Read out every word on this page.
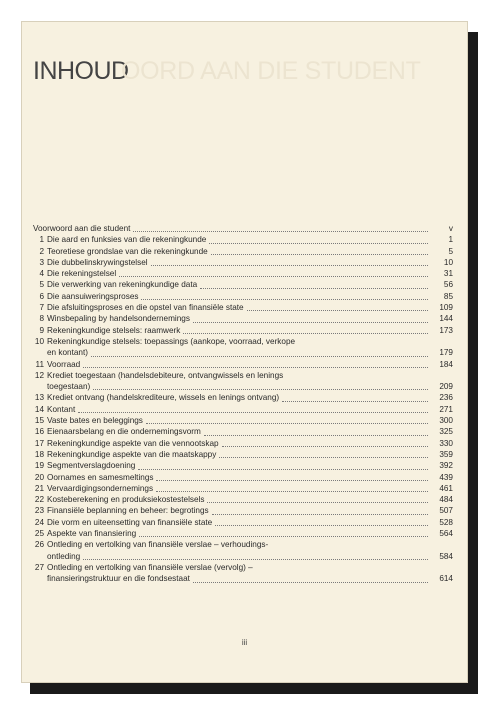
INHOUD
OORD AAN DIE STUDENT
Voorwoord aan die student	v
1 Die aard en funksies van die rekeningkunde	1
2 Teoretiese grondslae van die rekeningkunde	5
3 Die dubbelinskrywingstelsel	10
4 Die rekeningstelsel	31
5 Die verwerking van rekeningkundige data	56
6 Die aansuiweringsproses	85
7 Die afsluitingsproses en die opstel van finansiële state	109
8 Winsbepaling by handelsondernemings	144
9 Rekeningkundige stelsels: raamwerk	173
10 Rekeningkundige stelsels: toepassings (aankope, voorraad, verkope
en kontant)	179
11 Voorraad	184
12 Krediet toegestaan (handelsdebiteure, ontvangwissels en lenings
toegestaan)	209
13 Krediet ontvang (handelskrediteure, wissels en lenings ontvang)	236
14 Kontant	271
15 Vaste bates en beleggings	300
16 Eienaarsbelang en die ondernemingsvorm	325
17 Rekeningkundige aspekte van die vennootskap	330
18 Rekeningkundige aspekte van die maatskappy	359
19 Segmentverslagdoening	392
20 Oornames en samesmeltings	439
21 Vervaardigingsondernemings	461
22 Kosteberekening en produksiekostestelsels	484
23 Finansiële beplanning en beheer: begrotings	507
24 Die vorm en uiteensetting van finansiële state	528
25 Aspekte van finansiering	564
26 Ontleding en vertolking van finansiële verslae – verhoudings-
ontleding	584
27 Ontleding en vertolking van finansiële verslae (vervolg) –
finansieringstruktuur en die fondsestaat	614
iii
